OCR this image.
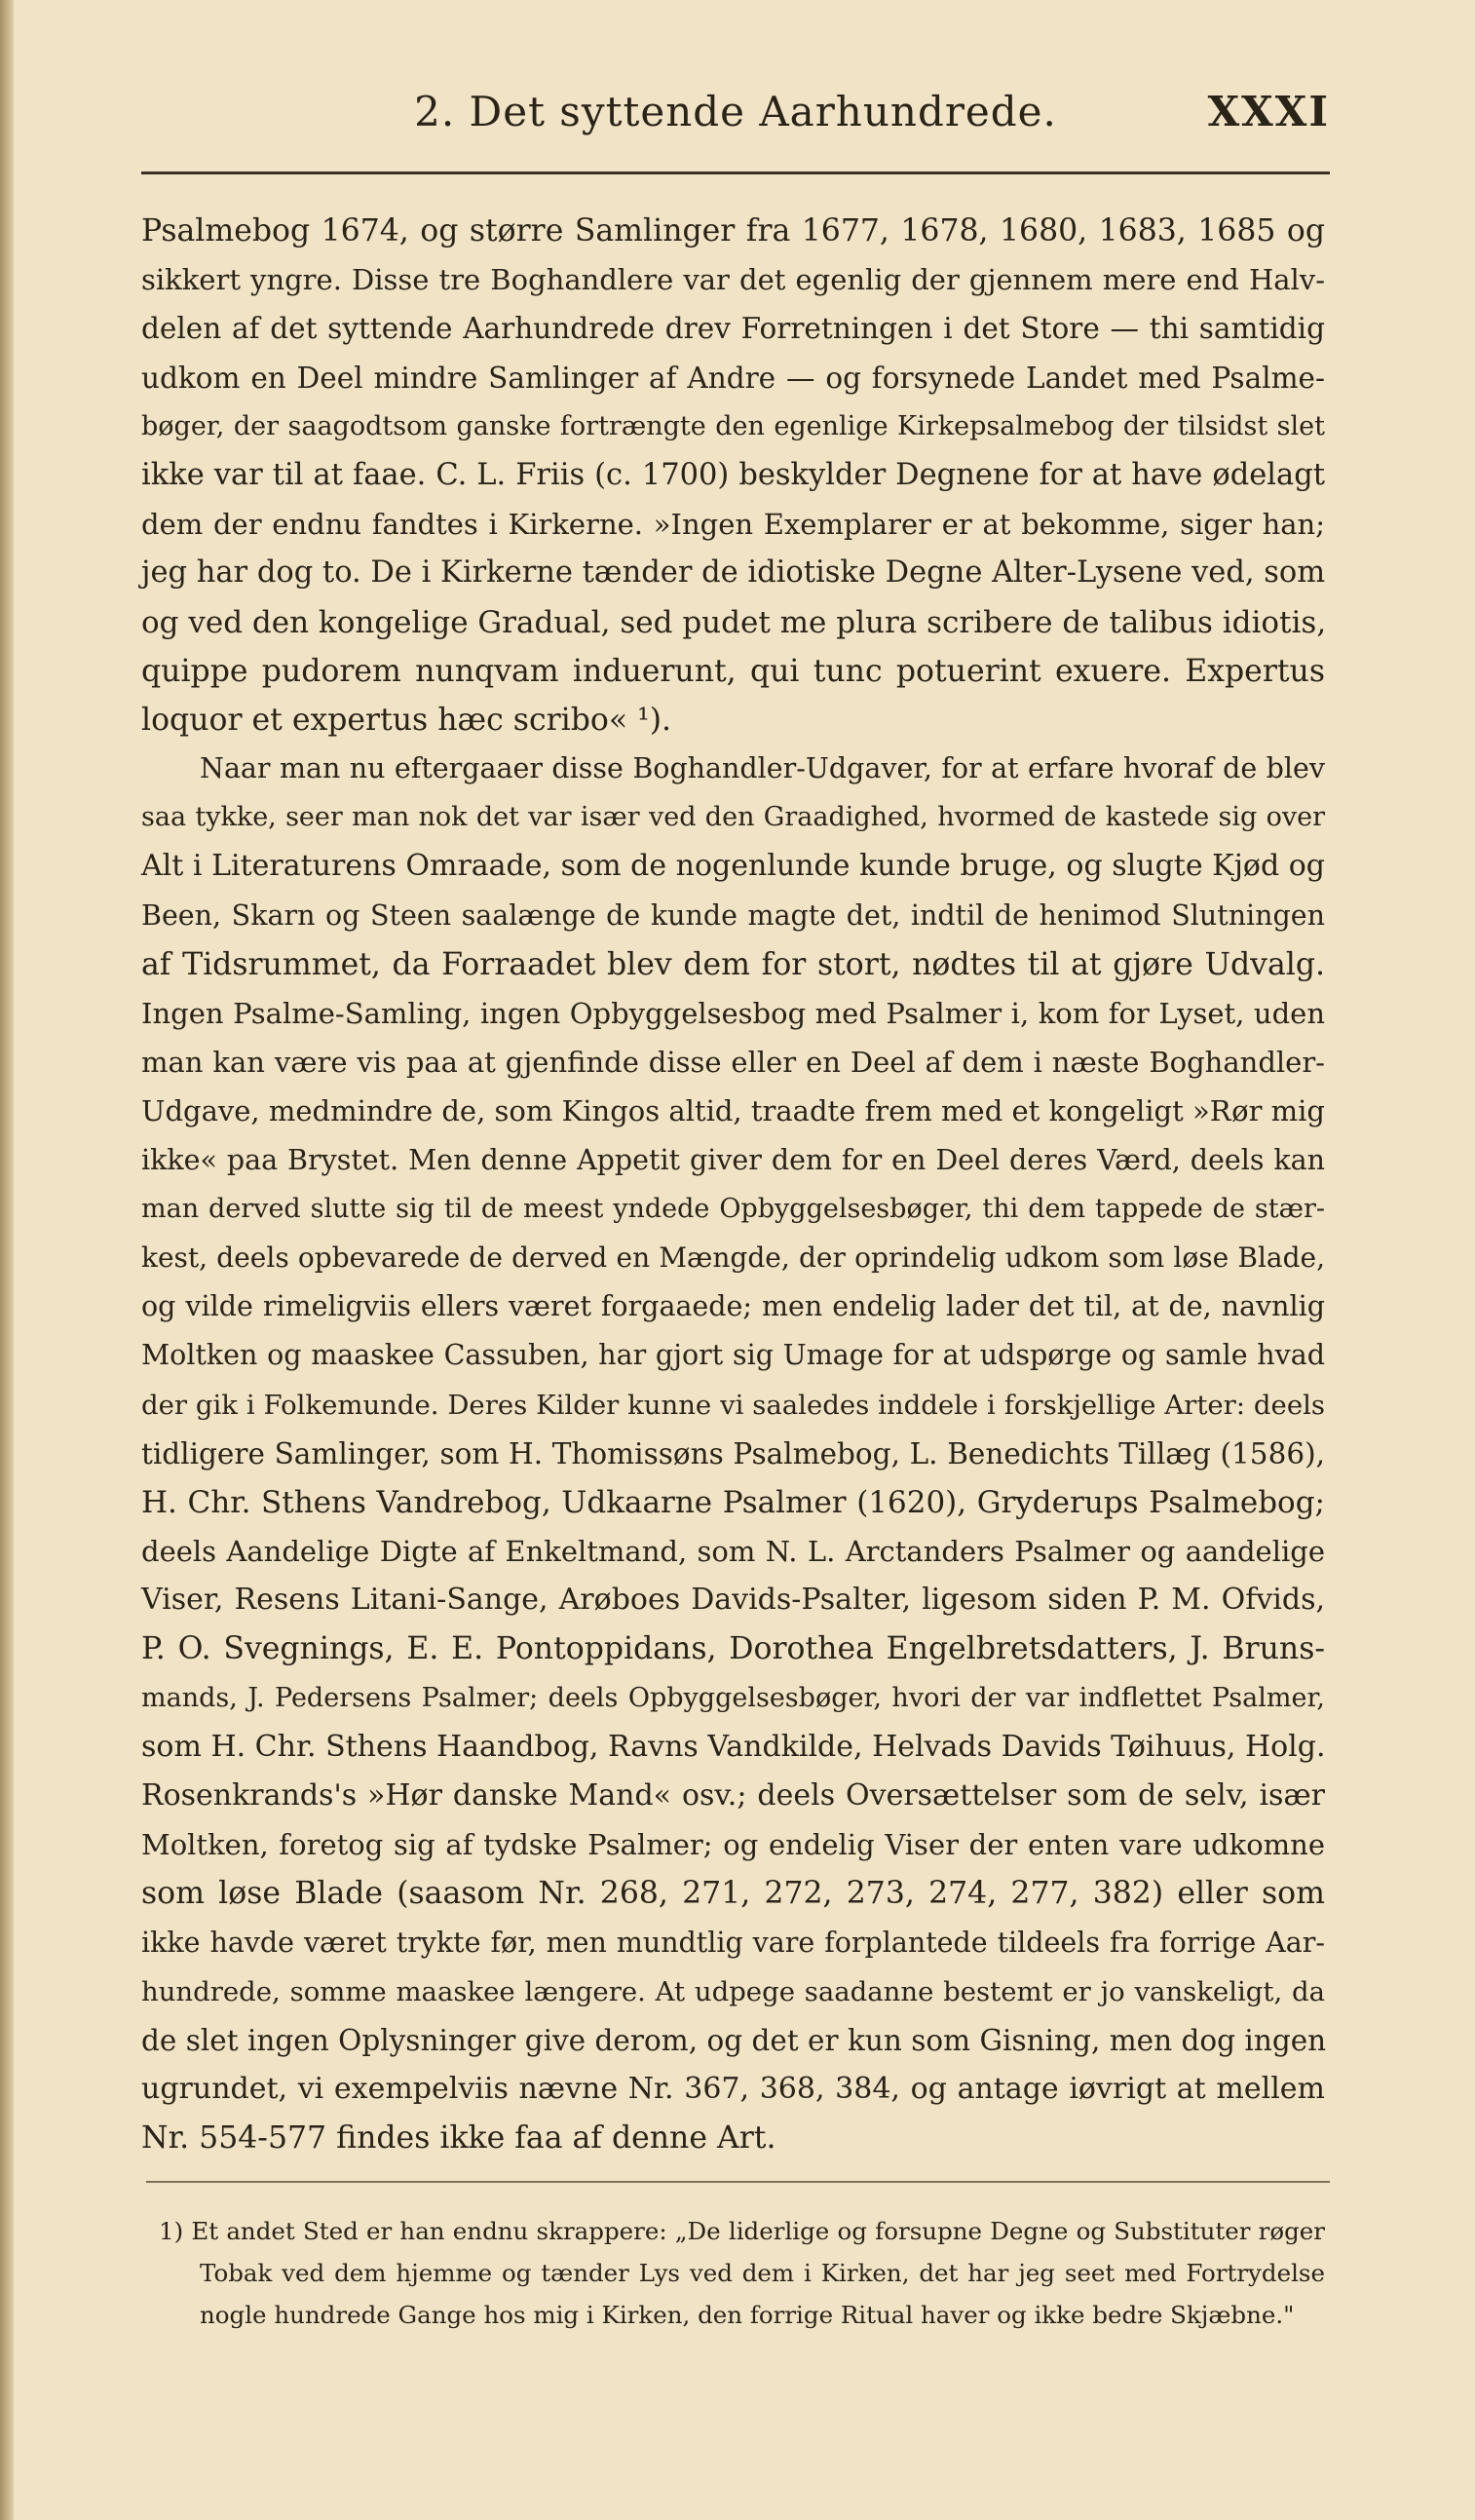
2. Det syttende Aarhundrede.	XXXI
Psalmebog 1674, og større Samlinger fra 1677, 1678, 1680, 1683, 1685 og
sikkert yngre. Disse tre Boghandlere var det egenlig der gjennem mere end Halv-
delen af det syttende Aarhundrede drev Forretningen i det Store — thi samtidig
udkom en Deel mindre Samlinger af Andre — og forsynede Landet med Psalme-
bøger, der saagodtsom ganske fortrængte den egenlige Kirkepsalmebog der tilsidst slet
ikke var til at faae. C. L. Friis (c. 1700) beskylder Degnene for at have ødelagt
dem der endnu fandtes i Kirkerne. »Ingen Exemplarer er at bekomme, siger han;
jeg har dog to. De i Kirkerne tænder de idiotiske Degne Alter-Lysene ved, som
og ved den kongelige Gradual, sed pudet me plura scribere de talibus idiotis,
quippe pudorem nunqvam induerunt, qui tunc potuerint exuere. Expertus
loquor et expertus hæc scribo« ¹).
Naar man nu eftergaaer disse Boghandler-Udgaver, for at erfare hvoraf de blev
saa tykke, seer man nok det var især ved den Graadighed, hvormed de kastede sig over
Alt i Literaturens Omraade, som de nogenlunde kunde bruge, og slugte Kjød og
Been, Skarn og Steen saalænge de kunde magte det, indtil de henimod Slutningen
af Tidsrummet, da Forraadet blev dem for stort, nødtes til at gjøre Udvalg.
Ingen Psalme-Samling, ingen Opbyggelsesbog med Psalmer i, kom for Lyset, uden
man kan være vis paa at gjenfinde disse eller en Deel af dem i næste Boghandler-
Udgave, medmindre de, som Kingos altid, traadte frem med et kongeligt »Rør mig
ikke« paa Brystet. Men denne Appetit giver dem for en Deel deres Værd, deels kan
man derved slutte sig til de meest yndede Opbyggelsesbøger, thi dem tappede de stær-
kest, deels opbevarede de derved en Mængde, der oprindelig udkom som løse Blade,
og vilde rimeligviis ellers været forgaaede; men endelig lader det til, at de, navnlig
Moltken og maaskee Cassuben, har gjort sig Umage for at udspørge og samle hvad
der gik i Folkemunde. Deres Kilder kunne vi saaledes inddele i forskjellige Arter: deels
tidligere Samlinger, som H. Thomissøns Psalmebog, L. Benedichts Tillæg (1586),
H. Chr. Sthens Vandrebog, Udkaarne Psalmer (1620), Gryderups Psalmebog;
deels Aandelige Digte af Enkeltmand, som N. L. Arctanders Psalmer og aandelige
Viser, Resens Litani-Sange, Arøboes Davids-Psalter, ligesom siden P. M. Ofvids,
P. O. Svegnings, E. E. Pontoppidans, Dorothea Engelbretsdatters, J. Bruns-
mands, J. Pedersens Psalmer; deels Opbyggelsesbøger, hvori der var indflettet Psalmer,
som H. Chr. Sthens Haandbog, Ravns Vandkilde, Helvads Davids Tøihuus, Holg.
Rosenkrands's »Hør danske Mand« osv.; deels Oversættelser som de selv, især
Moltken, foretog sig af tydske Psalmer; og endelig Viser der enten vare udkomne
som løse Blade (saasom Nr. 268, 271, 272, 273, 274, 277, 382) eller som
ikke havde været trykte før, men mundtlig vare forplantede tildeels fra forrige Aar-
hundrede, somme maaskee længere. At udpege saadanne bestemt er jo vanskeligt, da
de slet ingen Oplysninger give derom, og det er kun som Gisning, men dog ingen
ugrundet, vi exempelviis nævne Nr. 367, 368, 384, og antage iøvrigt at mellem
Nr. 554-577 findes ikke faa af denne Art.
1) Et andet Sted er han endnu skrappere: „De liderlige og forsupne Degne og Substituter røger
Tobak ved dem hjemme og tænder Lys ved dem i Kirken, det har jeg seet med Fortrydelse
nogle hundrede Gange hos mig i Kirken, den forrige Ritual haver og ikke bedre Skjæbne."
